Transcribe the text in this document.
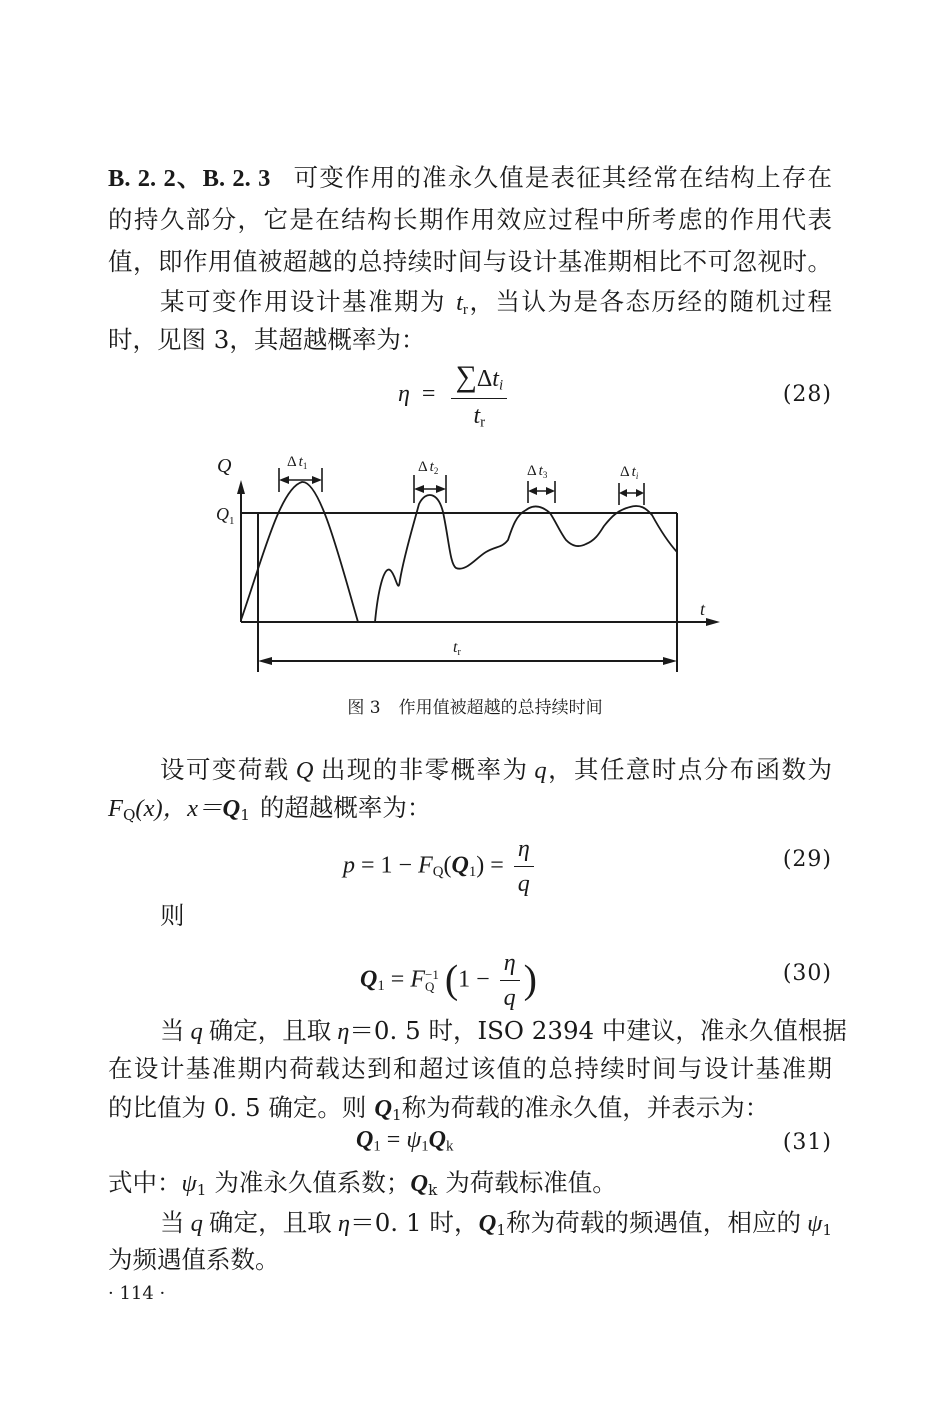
B. 2. 2、B. 2. 3 可变作用的准永久值是表征其经常在结构上存在
的持久部分，它是在结构长期作用效应过程中所考虑的作用代表
值，即作用值被超越的总持续时间与设计基准期相比不可忽视时。
某可变作用设计基准期为 $t_r$，当认为是各态历经的随机过程
时，见图 3，其超越概率为：
$\eta = \frac{\text{∑Δti}}{t_r}$	(28)
Q
$Q_1$
t
tr
Δ $t_1$	Δ $t_2$	Δ $t_3$	Δ $t_i$
图 3 作用值被超越的总持续时间
设可变荷载 Q 出现的非零概率为 q，其任意时点分布函数为
$F_Q(x)$，$x=Q_1$ 的超越概率为：
$p = 1 - F_Q(Q_1) = \frac{\eta}{q}$	(29)
则
$Q_1 = F -1$
Q ($1 - \frac{\eta}{q}$ )	(30)
当 q 确定，且取 η＝0. 5 时，ISO 2394 中建议，准永久值根据
在设计基准期内荷载达到和超过该值的总持续时间与设计基准期
的比值为 0. 5 确定。则 $Q_1$称为荷载的准永久值，并表示为：
$Q_1 = \psi_1Q_k$	(31)
式中：$\psi_1$ 为准永久值系数；$Q_k$ 为荷载标准值。
当 q 确定，且取 η＝0. 1 时，$Q_1$称为荷载的频遇值，相应的 $\psi_1$
为频遇值系数。
· 114 ·
